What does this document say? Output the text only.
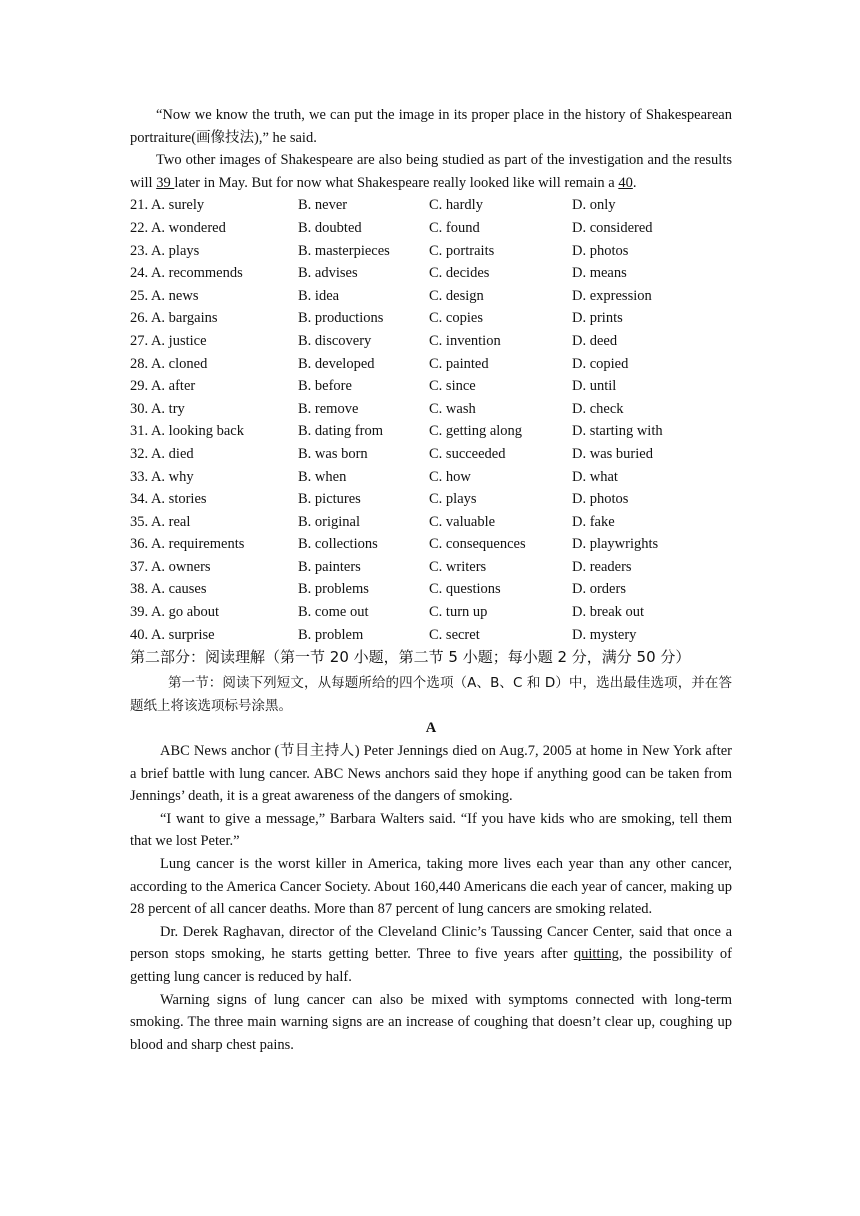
“Now we know the truth, we can put the image in its proper place in the history of Shakespearean portraiture(画像技法),” he said.

Two other images of Shakespeare are also being studied as part of the investigation and the results will 39 later in May. But for now what Shakespeare really looked like will remain a 40.

21. A. surely	B. never	C. hardly	D. only
22. A. wondered	B. doubted	C. found	D. considered
23. A. plays	B. masterpieces	C. portraits	D. photos
24. A. recommends	B. advises	C. decides	D. means
25. A. news	B. idea	C. design	D. expression
26. A. bargains	B. productions	C. copies	D. prints
27. A. justice	B. discovery	C. invention	D. deed
28. A. cloned	B. developed	C. painted	D. copied
29. A. after	B. before	C. since	D. until
30. A. try	B. remove	C. wash	D. check
31. A. looking back	B. dating from	C. getting along	D. starting with
32. A. died	B. was born	C. succeeded	D. was buried
33. A. why	B. when	C. how	D. what
34. A. stories	B. pictures	C. plays	D. photos
35. A. real	B. original	C. valuable	D. fake
36. A. requirements	B. collections	C. consequences	D. playwrights
37. A. owners	B. painters	C. writers	D. readers
38. A. causes	B. problems	C. questions	D. orders
39. A. go about	B. come out	C. turn up	D. break out
40. A. surprise	B. problem	C. secret	D. mystery

第二部分：阅读理解（第一节 20 小题，第二节 5 小题；每小题 2 分，满分 50 分）

第一节：阅读下列短文，从每题所给的四个选项（A、B、C 和 D）中，选出最佳选项，并在答题纸上将该选项标号涂黑。

A

ABC News anchor (节目主持人) Peter Jennings died on Aug.7, 2005 at home in New York after a brief battle with lung cancer. ABC News anchors said they hope if anything good can be taken from Jennings’ death, it is a great awareness of the dangers of smoking.

“I want to give a message,” Barbara Walters said. “If you have kids who are smoking, tell them that we lost Peter.”

Lung cancer is the worst killer in America, taking more lives each year than any other cancer, according to the America Cancer Society. About 160,440 Americans die each year of cancer, making up 28 percent of all cancer deaths. More than 87 percent of lung cancers are smoking related.

Dr. Derek Raghavan, director of the Cleveland Clinic’s Taussing Cancer Center, said that once a person stops smoking, he starts getting better. Three to five years after quitting, the possibility of getting lung cancer is reduced by half.

Warning signs of lung cancer can also be mixed with symptoms connected with long-term smoking. The three main warning signs are an increase of coughing that doesn’t clear up, coughing up blood and sharp chest pains.
